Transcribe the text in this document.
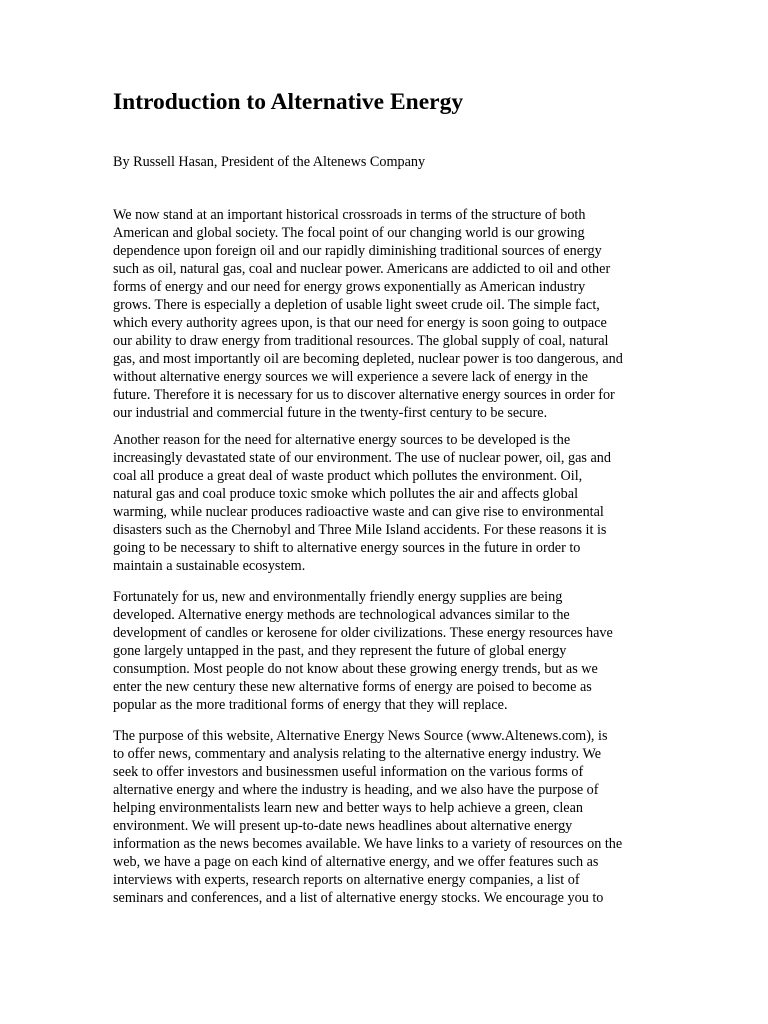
Introduction to Alternative Energy

By Russell Hasan, President of the Altenews Company

We now stand at an important historical crossroads in terms of the structure of both
American and global society. The focal point of our changing world is our growing
dependence upon foreign oil and our rapidly diminishing traditional sources of energy
such as oil, natural gas, coal and nuclear power. Americans are addicted to oil and other
forms of energy and our need for energy grows exponentially as American industry
grows. There is especially a depletion of usable light sweet crude oil. The simple fact,
which every authority agrees upon, is that our need for energy is soon going to outpace
our ability to draw energy from traditional resources. The global supply of coal, natural
gas, and most importantly oil are becoming depleted, nuclear power is too dangerous, and
without alternative energy sources we will experience a severe lack of energy in the
future. Therefore it is necessary for us to discover alternative energy sources in order for
our industrial and commercial future in the twenty-first century to be secure.

Another reason for the need for alternative energy sources to be developed is the
increasingly devastated state of our environment. The use of nuclear power, oil, gas and
coal all produce a great deal of waste product which pollutes the environment. Oil,
natural gas and coal produce toxic smoke which pollutes the air and affects global
warming, while nuclear produces radioactive waste and can give rise to environmental
disasters such as the Chernobyl and Three Mile Island accidents. For these reasons it is
going to be necessary to shift to alternative energy sources in the future in order to
maintain a sustainable ecosystem.

Fortunately for us, new and environmentally friendly energy supplies are being
developed. Alternative energy methods are technological advances similar to the
development of candles or kerosene for older civilizations. These energy resources have
gone largely untapped in the past, and they represent the future of global energy
consumption. Most people do not know about these growing energy trends, but as we
enter the new century these new alternative forms of energy are poised to become as
popular as the more traditional forms of energy that they will replace.

The purpose of this website, Alternative Energy News Source (www.Altenews.com), is
to offer news, commentary and analysis relating to the alternative energy industry. We
seek to offer investors and businessmen useful information on the various forms of
alternative energy and where the industry is heading, and we also have the purpose of
helping environmentalists learn new and better ways to help achieve a green, clean
environment. We will present up-to-date news headlines about alternative energy
information as the news becomes available. We have links to a variety of resources on the
web, we have a page on each kind of alternative energy, and we offer features such as
interviews with experts, research reports on alternative energy companies, a list of
seminars and conferences, and a list of alternative energy stocks. We encourage you to
